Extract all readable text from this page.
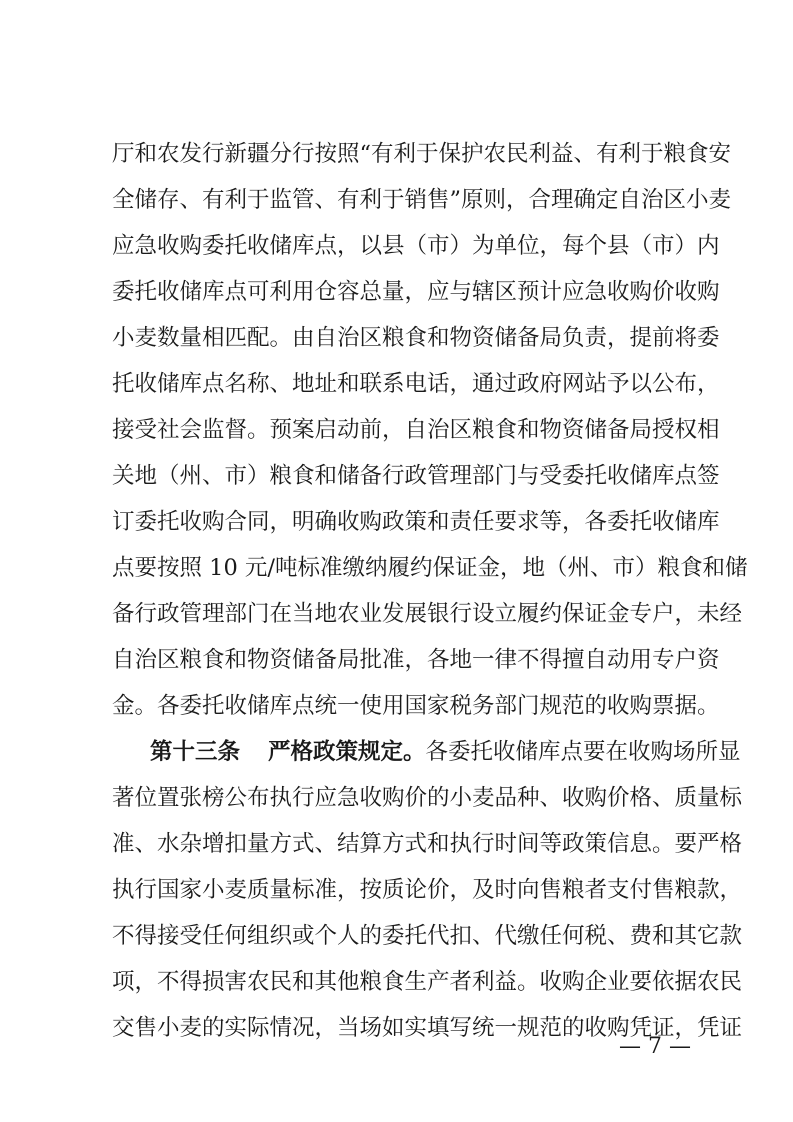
厅和农发行新疆分行按照“有利于保护农民利益、有利于粮食安
全储存、有利于监管、有利于销售”原则，合理确定自治区小麦
应急收购委托收储库点，以县（市）为单位，每个县（市）内
委托收储库点可利用仓容总量，应与辖区预计应急收购价收购
小麦数量相匹配。由自治区粮食和物资储备局负责，提前将委
托收储库点名称、地址和联系电话，通过政府网站予以公布，
接受社会监督。预案启动前，自治区粮食和物资储备局授权相
关地（州、市）粮食和储备行政管理部门与受委托收储库点签
订委托收购合同，明确收购政策和责任要求等，各委托收储库
点要按照 10 元/吨标准缴纳履约保证金，地（州、市）粮食和储
备行政管理部门在当地农业发展银行设立履约保证金专户，未经
自治区粮食和物资储备局批准，各地一律不得擅自动用专户资
金。各委托收储库点统一使用国家税务部门规范的收购票据。
第十三条 严格政策规定。各委托收储库点要在收购场所显
著位置张榜公布执行应急收购价的小麦品种、收购价格、质量标
准、水杂增扣量方式、结算方式和执行时间等政策信息。要严格
执行国家小麦质量标准，按质论价，及时向售粮者支付售粮款，
不得接受任何组织或个人的委托代扣、代缴任何税、费和其它款
项，不得损害农民和其他粮食生产者利益。收购企业要依据农民
交售小麦的实际情况，当场如实填写统一规范的收购凭证，凭证
— 7 —
